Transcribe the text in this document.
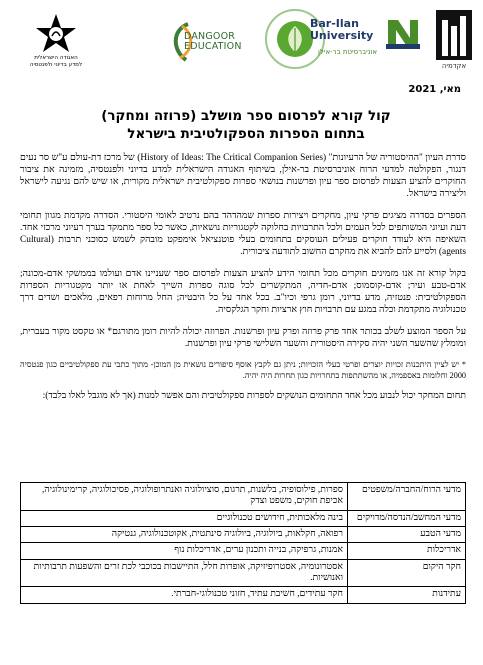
האגודה הישראלית
למדע בדיוני ולפנטסיה
DANGOOR
EDUCATION
Bar-Ilan
University
אוניברסיטת בר-אילן
אקדמיה
מאי, 2021
קול קורא לפרסום ספר מושלב (פרוזה ומחקר)
בתחום הספרות הספקולטיבית בישראל

סדרת העיון "ההיסטוריה של הרעיונות" (History of Ideas: The Critical Companion Series) של מרכז דת-עולם ע"ש סר נעים דנגור, הפקולטה למדעי הרוח אוניברסיטת בר-אילן, בשיתוף האגודה הישראלית למדע בדיוני ולפנטסיה, מזמינה את ציבור החוקרים להציע הצעות לפרסום ספר עיון ופרשנות בנושאי ספרות ספקולטיבית ישראלית מקורית, או שיש להם נגיעה לישראל וליצירה בישראל.

הספרים בסדרה מציגים פרקי עיון, מחקרים ויצירות ספרות שמהדהד בהם נרטיב לאומי היסטורי. הסדרה מקדמת מגוון תחומי דעת ועיוני המשותפים לכל העמים ולכל התרבויות בחלוקה לקטגוריות נושאיות, כאשר כל ספר מתמקד בערך רעיוני מרכזי אחד. השאיפה היא לעודד חוקרים פעילים העוסקים בתחומים בעלי פוטנציאל אימפקט מובהק לשמש כסוכני תרבות (Cultural agents) ולסייע להם להביא את מחקרם החשוב לתודעה ציבורית.

בקול קורא זה אנו מזמינים חוקרים מכל תחומי הידע להציע הצעות לפרסום ספר שעניינו אדם ועולמו בממשקי אדם-מכונה; אדם-טבע ועיר; אדם-קוסמוס; אדם-חדיה, המתקשרים לכל סוגה ספרות השייך לאחת או יותר מקטגוריות הספרות הספקולטיבית: פנטזיה, מדע בדיוני, רומן גרפי וכיו"ב. בכל אחד על כל היבטיה; החל מרוחות רפאים, מלאכים ושדים דרך טכנולוגיה מתקדמת וכלה במגע עם תרבויות חוץ ארציות וחקר הגלקסיה.

על הספר המוצע לשלב בכותר אחד פרק פרוזה ופרק עיון ופרשנות. הפרוזה יכולה להיות רומן מתורגם* או טקסט מקור בעברית, ומומלץ שהשער השני יהיה סקירה היסטורית והשער השלישי פרקי עיון ופרשנות.

* יש לציין היתכנות זכויות יוצרים ופרטי בעלי הזכויות; ניתן גם לקבץ אוסף סיפורים נושאית מן המוכן- מתוך כתבי עת ספקולטיביים כגון פנטסיה 2000 וחלומות באספמיה, או מהשתתפות בתחרויות כגון תחרות היה יהיה.

תחום המחקר יכול לנבוע מכל אחד התחומים הנושקים לספרות ספקולטיבית והם אפשר למנות (אך לא מוגבל לאלו בלבד):

מדעי הרוח/החברה/משפטים	ספרות, פילוסופיה, בלשנות, תרגום, סוציולוגיה ואנתרופולוגיה, פסיכולוגיה, קרימינולוגיה, אכיפת חוקים, משפט וצדק
מדעי המחשב/הנדסה/מדויקים	בינה מלאכותית, חידושים טכנולוגיים
מדעי הטבע	רפואה, חקלאות, ביולוגיה, ביולוגיה סינתטית, אקוטכנולוגיה, גנטיקה
אדריכלות	אמנות, גרפיקה, בנייה ותכנון ערים, אדריכלות נוף
חקר היקום	אסטרונומיה, אסטרופיזיקה, אופרות חלל, התיישבות בכוכבי לכת זרים והשפעות תרבותיות ואנושיות.
עתידנות	חקר עתידים, חשיבת עתיד, חזוני טכנולוגי-חברתי.
